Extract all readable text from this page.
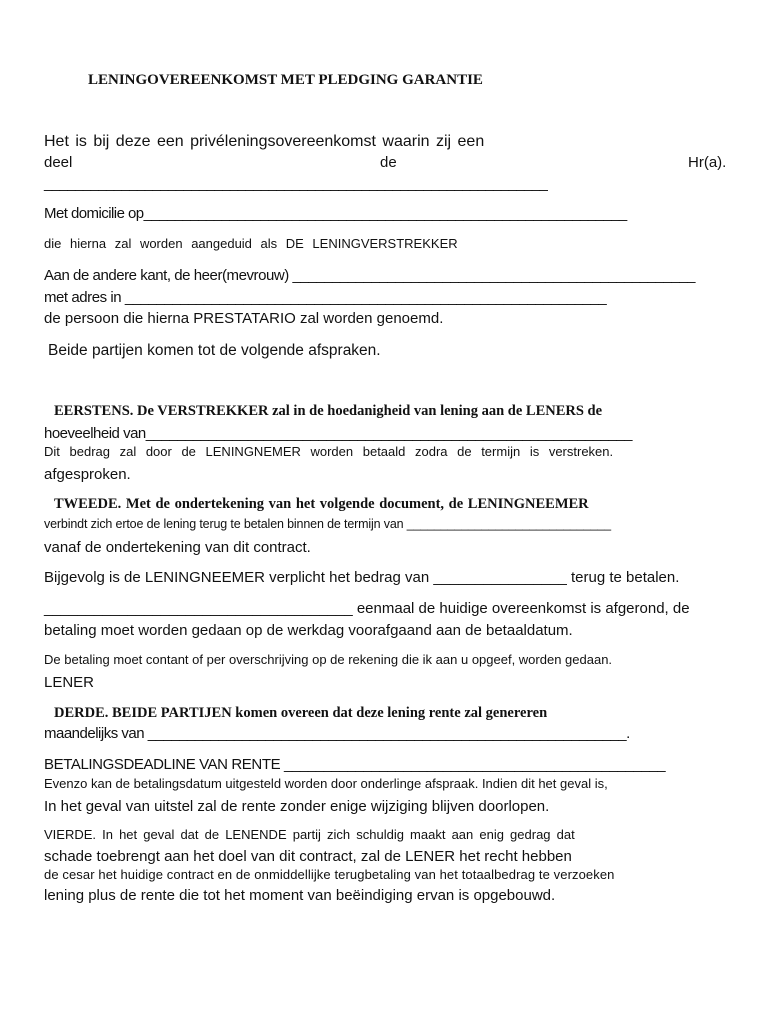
LENINGOVEREENKOMST MET PLEDGING GARANTIE
Het is bij deze een privéleningsovereenkomst waarin zij een
deel	de	Hr(a).
_________________________________________________________________
Met domicilie op______________________________________________________________
die hierna zal worden aangeduid als DE LENINGVERSTREKKER
Aan de andere kant, de heer(mevrouw) ___________________________________________________
met adres in _____________________________________________________________
de persoon die hierna PRESTATARIO zal worden genoemd.
Beide partijen komen tot de volgende afspraken.
EERSTENS. De VERSTREKKER zal in de hoedanigheid van lening aan de LENERS de
hoeveelheid van______________________________________________________________
Dit bedrag zal door de LENINGNEMER worden betaald zodra de termijn is verstreken.
afgesproken.
TWEEDE. Met de ondertekening van het volgende document, de LENINGNEEMER
verbindt zich ertoe de lening terug te betalen binnen de termijn van ______________________________
vanaf de ondertekening van dit contract.
Bijgevolg is de LENINGNEEMER verplicht het bedrag van ________________ terug te betalen.
_____________________________________ eenmaal de huidige overeenkomst is afgerond, de
betaling moet worden gedaan op de werkdag voorafgaand aan de betaaldatum.
De betaling moet contant of per overschrijving op de rekening die ik aan u opgeef, worden gedaan.
LENER
DERDE. BEIDE PARTIJEN komen overeen dat deze lening rente zal genereren
maandelijks van _____________________________________________________________.
BETALINGSDEADLINE VAN RENTE ________________________________________________
Evenzo kan de betalingsdatum uitgesteld worden door onderlinge afspraak. Indien dit het geval is,
In het geval van uitstel zal de rente zonder enige wijziging blijven doorlopen.
VIERDE. In het geval dat de LENENDE partij zich schuldig maakt aan enig gedrag dat
schade toebrengt aan het doel van dit contract, zal de LENER het recht hebben
de cesar het huidige contract en de onmiddellijke terugbetaling van het totaalbedrag te verzoeken
lening plus de rente die tot het moment van beëindiging ervan is opgebouwd.
